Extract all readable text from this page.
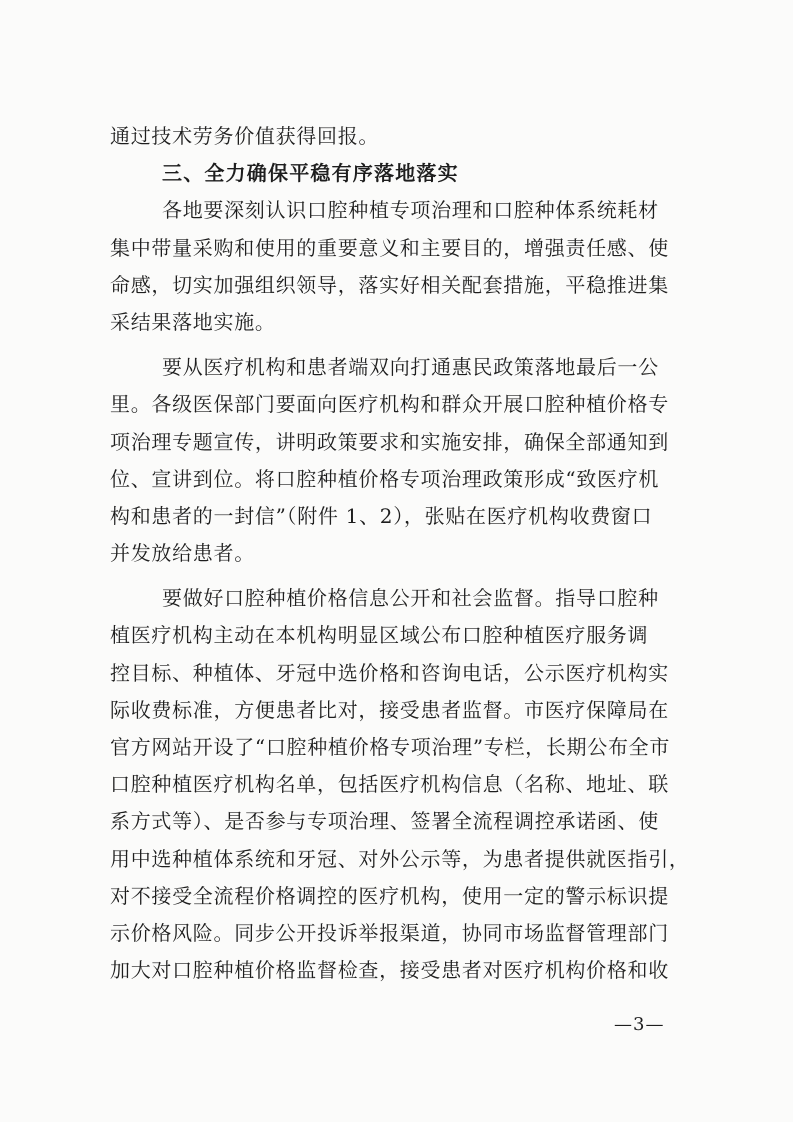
通过技术劳务价值获得回报。
三、全力确保平稳有序落地落实
各地要深刻认识口腔种植专项治理和口腔种体系统耗材
集中带量采购和使用的重要意义和主要目的，增强责任感、使
命感，切实加强组织领导，落实好相关配套措施，平稳推进集
采结果落地实施。
要从医疗机构和患者端双向打通惠民政策落地最后一公
里。各级医保部门要面向医疗机构和群众开展口腔种植价格专
项治理专题宣传，讲明政策要求和实施安排，确保全部通知到
位、宣讲到位。将口腔种植价格专项治理政策形成“致医疗机
构和患者的一封信”（附件 1、2），张贴在医疗机构收费窗口
并发放给患者。
要做好口腔种植价格信息公开和社会监督。指导口腔种
植医疗机构主动在本机构明显区域公布口腔种植医疗服务调
控目标、种植体、牙冠中选价格和咨询电话，公示医疗机构实
际收费标准，方便患者比对，接受患者监督。市医疗保障局在
官方网站开设了“口腔种植价格专项治理”专栏，长期公布全市
口腔种植医疗机构名单，包括医疗机构信息（名称、地址、联
系方式等）、是否参与专项治理、签署全流程调控承诺函、使
用中选种植体系统和牙冠、对外公示等，为患者提供就医指引，
对不接受全流程价格调控的医疗机构，使用一定的警示标识提
示价格风险。同步公开投诉举报渠道，协同市场监督管理部门
加大对口腔种植价格监督检查，接受患者对医疗机构价格和收
—3—
